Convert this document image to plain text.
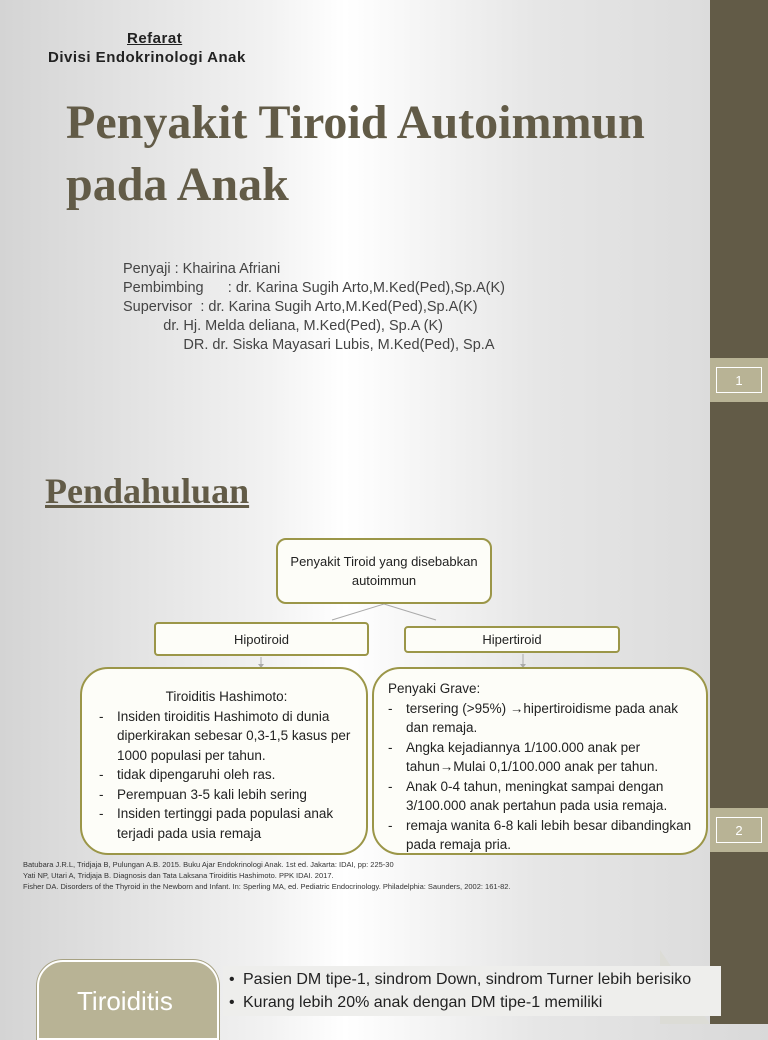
1
2
Refarat
Divisi Endokrinologi Anak
Penyakit Tiroid Autoimmun
pada Anak
Penyaji : Khairina Afriani
Pembimbing      : dr. Karina Sugih Arto,M.Ked(Ped),Sp.A(K)
Supervisor  : dr. Karina Sugih Arto,M.Ked(Ped),Sp.A(K)
dr. Hj. Melda deliana, M.Ked(Ped), Sp.A (K)
DR. dr. Siska Mayasari Lubis, M.Ked(Ped), Sp.A
Pendahuluan
Penyakit Tiroid yang disebabkan autoimmun
Hipotiroid	Hipertiroid
Tiroiditis Hashimoto:
- Insiden tiroiditis Hashimoto di dunia diperkirakan sebesar 0,3-1,5 kasus per 1000 populasi per tahun.
- tidak dipengaruhi oleh ras.
- Perempuan 3-5 kali lebih sering
- Insiden tertinggi pada populasi anak terjadi pada usia remaja
Penyaki Grave:
- tersering (>95%) →hipertiroidisme pada anak dan remaja.
- Angka kejadiannya 1/100.000 anak per tahun→Mulai 0,1/100.000 anak per tahun.
- Anak 0-4 tahun, meningkat sampai dengan 3/100.000 anak pertahun pada usia remaja.
- remaja wanita 6-8 kali lebih besar dibandingkan pada remaja pria.
Batubara J.R.L, Tridjaja B, Pulungan A.B. 2015. Buku Ajar Endokrinologi Anak. 1st ed. Jakarta: IDAI, pp: 225-30
Yati NP, Utari A, Tridjaja B. Diagnosis dan Tata Laksana Tiroiditis Hashimoto. PPK IDAI. 2017.
Fisher DA. Disorders of the Thyroid in the Newborn and Infant. In: Sperling MA, ed. Pediatric Endocrinology. Philadelphia: Saunders, 2002: 161-82.
Tiroiditis
• Pasien DM tipe-1, sindrom Down, sindrom Turner lebih berisiko
• Kurang lebih 20% anak dengan DM tipe-1 memiliki
